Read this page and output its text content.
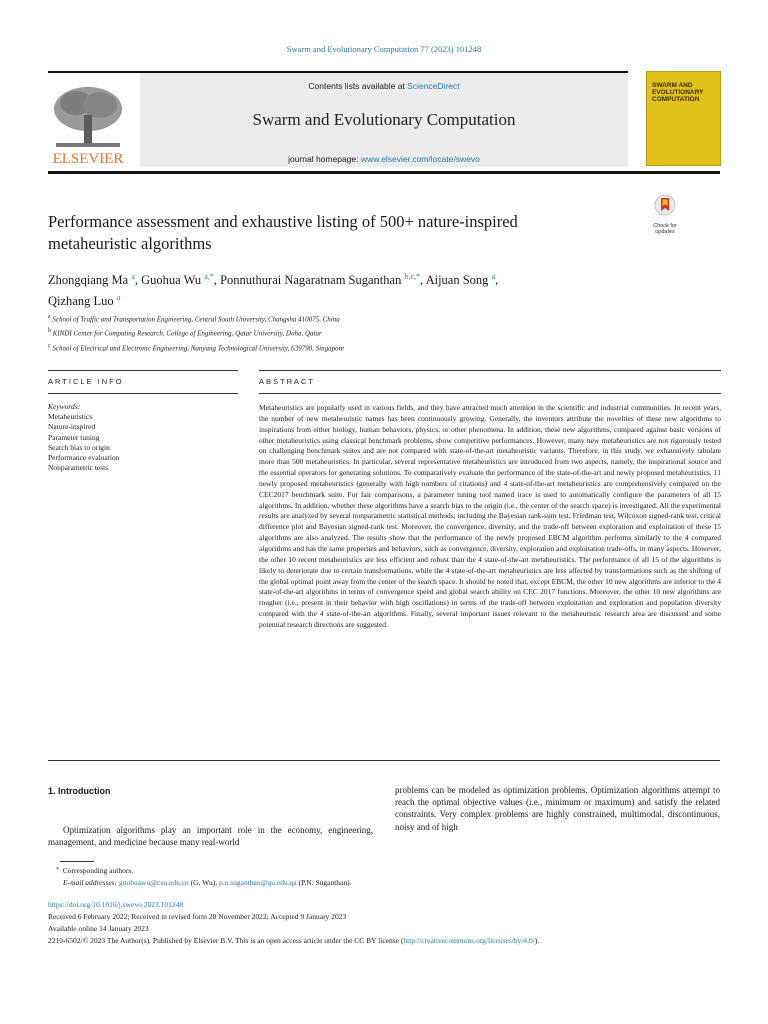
Swarm and Evolutionary Computation 77 (2023) 101248
ELSEVIER
Contents lists available at ScienceDirect
Swarm and Evolutionary Computation
journal homepage: www.elsevier.com/locate/swevo
SWARM AND EVOLUTIONARY COMPUTATION
Check for updates
Performance assessment and exhaustive listing of 500+ nature-inspired
metaheuristic algorithms
Zhongqiang Ma $^a$, Guohua Wu $^{a,*}$, Ponnuthurai Nagaratnam Suganthan $^{b,c,*}$, Aijuan Song $^a$,
Qizhang Luo $^a$
$^a$ School of Traffic and Transportation Engineering, Central South University, Changsha 410075, China
$^b$ KINDI Center for Computing Research, College of Engineering, Qatar University, Doha, Qatar
$^c$ School of Electrical and Electronic Engineering, Nanyang Technological University, 639798, Singapore
ARTICLE INFO	ABSTRACT
Keywords:
Metaheuristics
Nature-inspired
Parameter tuning
Search bias to origin
Performance evaluation
Nonparametric tests
Metaheuristics are popularly used in various fields, and they have attracted much attention in the scientific and industrial communities. In recent years, the number of new metaheuristic names has been continuously growing. Generally, the inventors attribute the novelties of these new algorithms to inspirations from either biology, human behaviors, physics, or other phenomena. In addition, these new algorithms, compared against basic versions of other metaheuristics using classical benchmark problems, show competitive performances. However, many new metaheuristics are not rigorously tested on challenging benchmark suites and are not compared with state-of-the-art metaheuristic variants. Therefore, in this study, we exhaustively tabulate more than 500 metaheuristics. In particular, several representative metaheuristics are introduced from two aspects, namely, the inspirational source and the essential operators for generating solutions. To comparatively evaluate the performance of the state-of-the-art and newly proposed metaheuristics, 11 newly proposed metaheuristics (generally with high numbers of citations) and 4 state-of-the-art metaheuristics are comprehensively compared on the CEC2017 benchmark suite. For fair comparisons, a parameter tuning tool named irace is used to automatically configure the parameters of all 15 algorithms. In addition, whether these algorithms have a search bias to the origin (i.e., the center of the search space) is investigated. All the experimental results are analyzed by several nonparametric statistical methods, including the Bayesian rank-sum test, Friedman test, Wilcoxon signed-rank test, critical difference plot and Bayesian signed-rank test. Moreover, the convergence, diversity, and the trade-off between exploration and exploitation of these 15 algorithms are also analyzed. The results show that the performance of the newly proposed EBCM algorithm performs similarly to the 4 compared algorithms and has the same properties and behaviors, such as convergence, diversity, exploration and exploitation trade-offs, in many aspects. However, the other 10 recent metaheuristics are less efficient and robust than the 4 state-of-the-art metaheuristics. The performance of all 15 of the algorithms is likely to deteriorate due to certain transformations, while the 4 state-of-the-art metaheuristics are less affected by transformations such as the shifting of the global optimal point away from the center of the search space. It should be noted that, except EBCM, the other 10 new algorithms are inferior to the 4 state-of-the-art algorithms in terms of convergence speed and global search ability on CEC 2017 functions. Moreover, the other 10 new algorithms are rougher (i.e., present in their behavior with high oscillations) in terms of the trade-off between exploitation and exploration and population diversity compared with the 4 state-of-the-art algorithms. Finally, several important issues relevant to the metaheuristic research area are discussed and some potential research directions are suggested.
1. Introduction
Optimization algorithms play an important role in the economy, engineering, management, and medicine because many real-world
problems can be modeled as optimization problems. Optimization algorithms attempt to reach the optimal objective values (i.e., minimum or maximum) and satisfy the related constraints. Very complex problems are highly constrained, multimodal, discontinuous, noisy and of high
* Corresponding authors.
E-mail addresses: guohuawu@csu.edu.cn (G. Wu), p.n.suganthan@qu.edu.qa (P.N. Suganthan).
https://doi.org/10.1016/j.swevo.2023.101248
Received 6 February 2022; Received in revised form 28 November 2022; Accepted 9 January 2023
Available online 14 January 2023
2210-6502/© 2023 The Author(s). Published by Elsevier B.V. This is an open access article under the CC BY license (http://creativecommons.org/licenses/by/4.0/).
